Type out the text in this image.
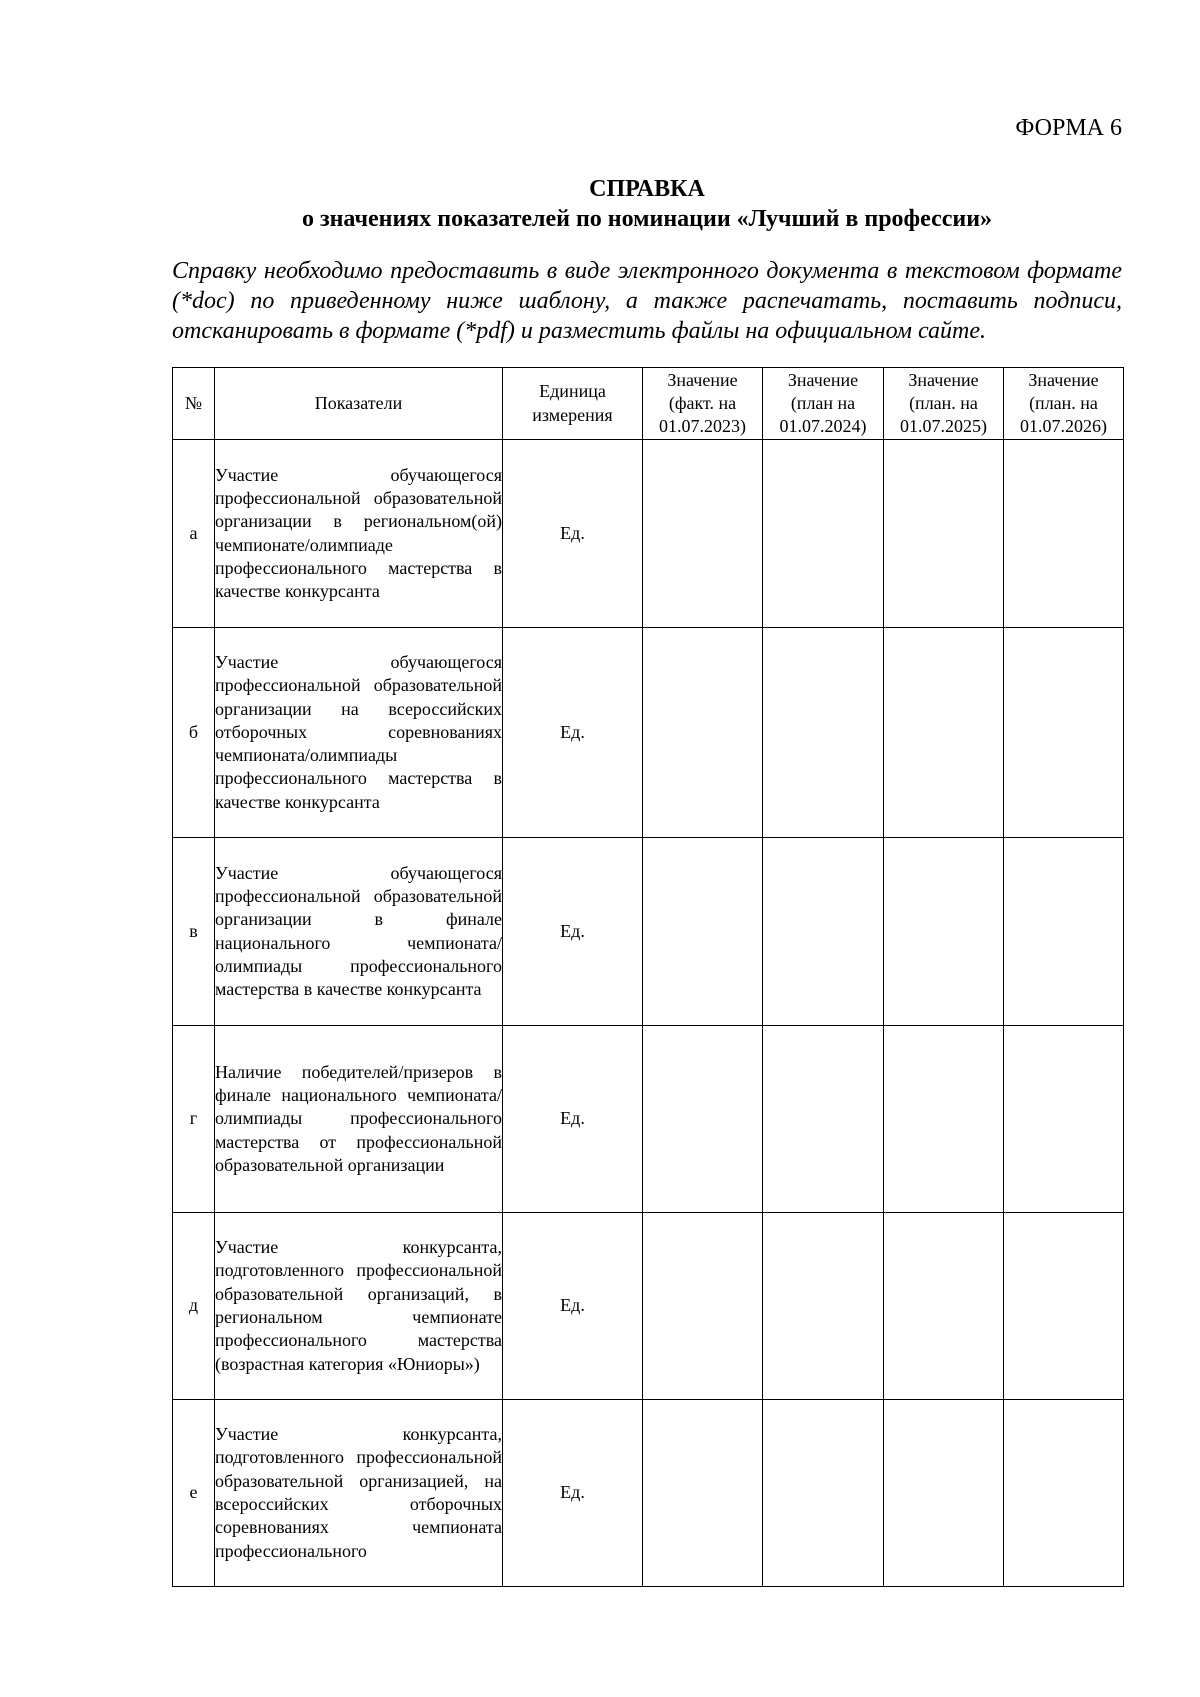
ФОРМА 6
СПРАВКА
о значениях показателей по номинации «Лучший в профессии»
Справку необходимо предоставить в виде электронного документа в текстовом формате (*doc) по приведенному ниже шаблону, а также распечатать, поставить подписи, отсканировать в формате (*pdf) и разместить файлы на официальном сайте.
№	Показатели	Единица измерения	Значение (факт. на 01.07.2023)	Значение (план на 01.07.2024)	Значение (план. на 01.07.2025)	Значение (план. на 01.07.2026)
а	Участие обучающегося профессиональной образовательной организации в региональном(ой) чемпионате/олимпиаде профессионального мастерства в качестве конкурсанта	Ед.				
б	Участие обучающегося профессиональной образовательной организации на всероссийских отборочных соревнованиях чемпионата/олимпиады профессионального мастерства в качестве конкурсанта	Ед.				
в	Участие обучающегося профессиональной образовательной организации в финале национального чемпионата/олимпиады профессионального мастерства в качестве конкурсанта	Ед.				
г	Наличие победителей/призеров в финале национального чемпионата/олимпиады профессионального мастерства от профессиональной образовательной организации	Ед.				
д	Участие конкурсанта, подготовленного профессиональной образовательной организаций, в региональном чемпионате профессионального мастерства (возрастная категория «Юниоры»)	Ед.				
е	Участие конкурсанта, подготовленного профессиональной образовательной организацией, на всероссийских отборочных соревнованиях чемпионата профессионального	Ед.				
